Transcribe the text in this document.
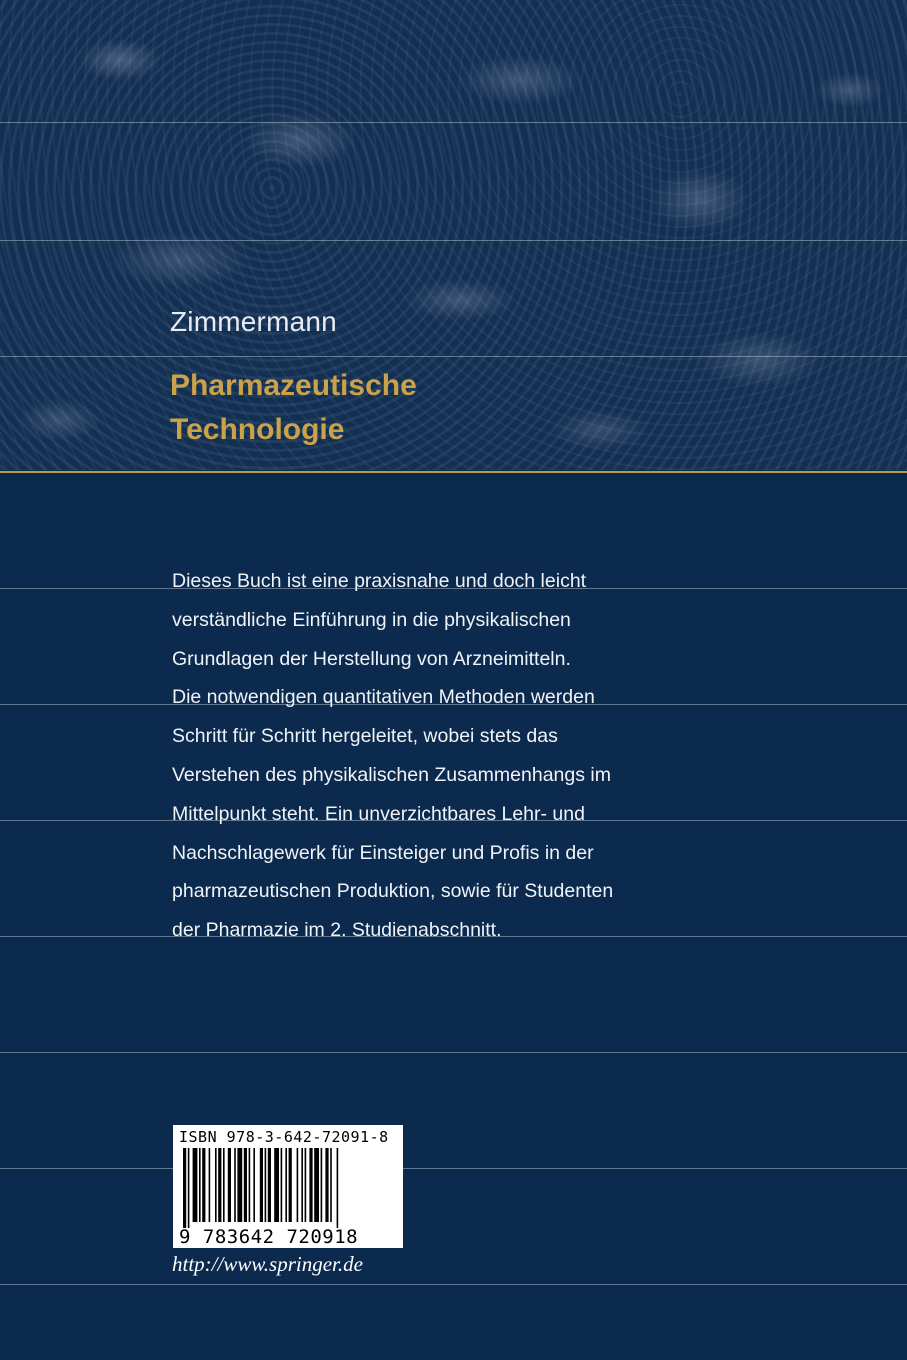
Zimmermann
Pharmazeutische
Technologie
Dieses Buch ist eine praxisnahe und doch leicht
verständliche Einführung in die physikalischen
Grundlagen der Herstellung von Arzneimitteln.
Die notwendigen quantitativen Methoden werden
Schritt für Schritt hergeleitet, wobei stets das
Verstehen des physikalischen Zusammenhangs im
Mittelpunkt steht. Ein unverzichtbares Lehr- und
Nachschlagewerk für Einsteiger und Profis in der
pharmazeutischen Produktion, sowie für Studenten
der Pharmazie im 2. Studienabschnitt.
ISBN 978-3-642-72091-8
9 783642 720918
http://www.springer.de
